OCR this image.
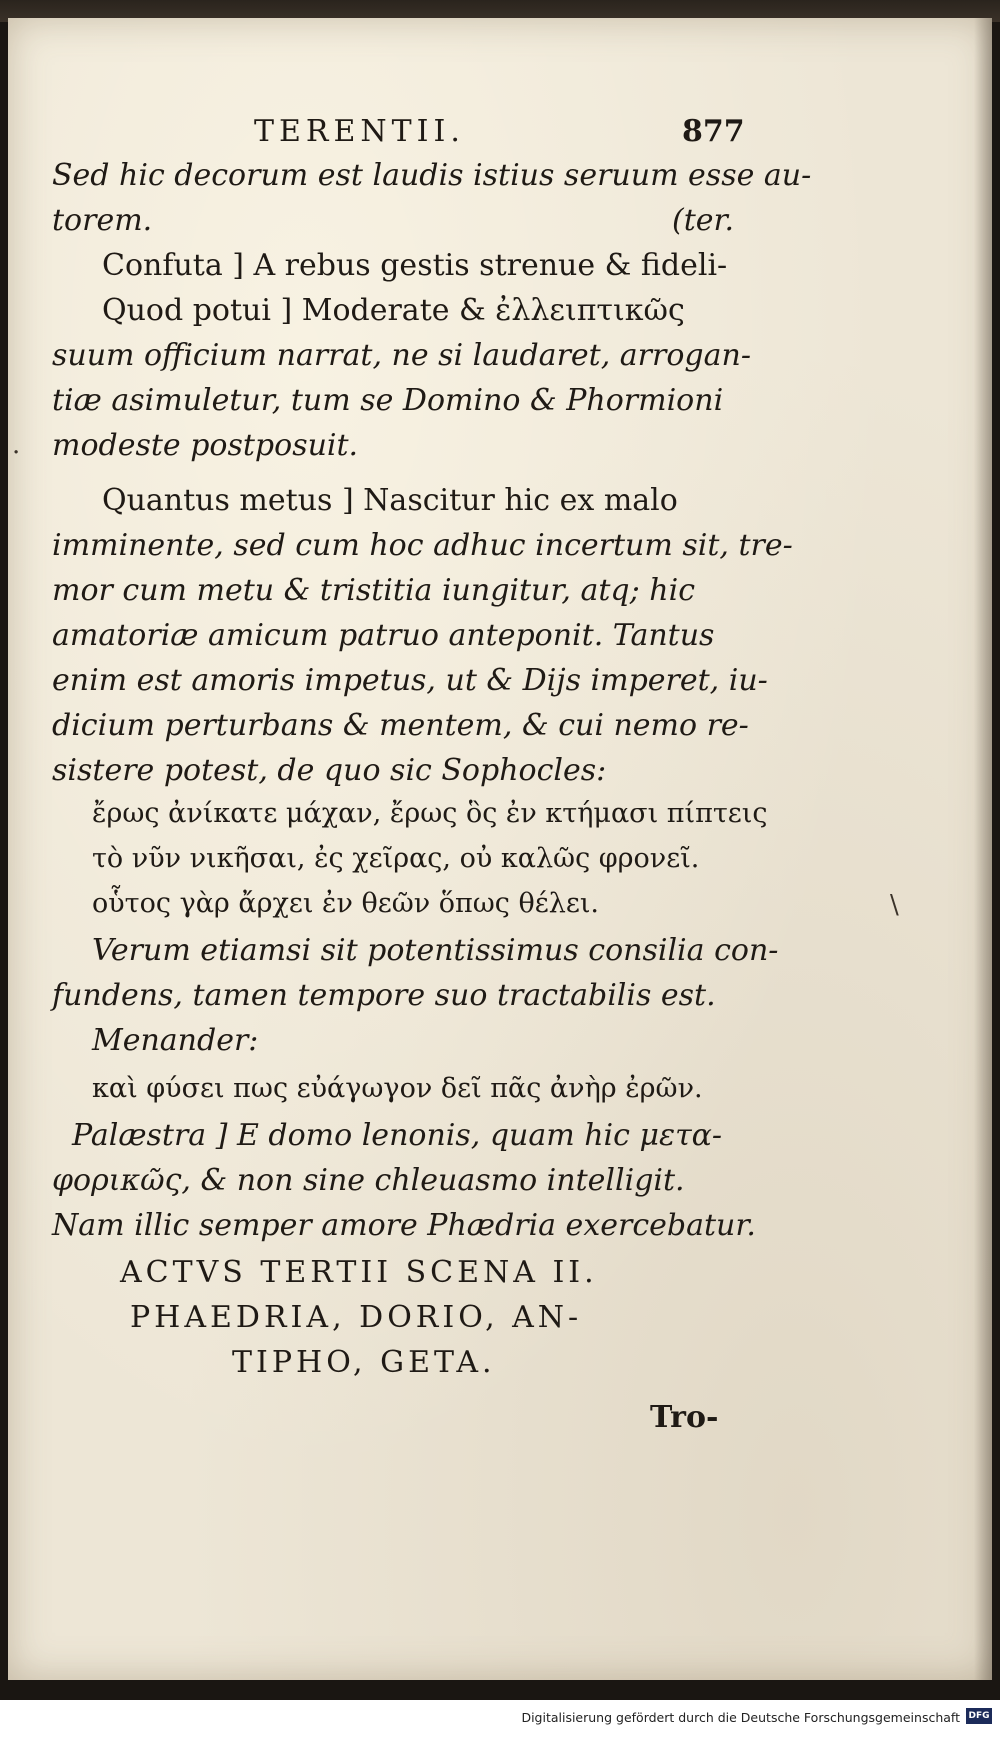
TERENTII.	877
Sed hic decorum est laudis istius seruum esse au-
torem.	(ter.
Confuta ] A rebus gestis strenue & fideli-
Quod potui ] Moderate & ἐλλειπτικῶς
suum officium narrat, ne si laudaret, arrogan-
tiæ asimuletur, tum se Domino & Phormioni
modeste postposuit.
Quantus metus ] Nascitur hic ex malo
imminente, sed cum hoc adhuc incertum sit, tre-
mor cum metu & tristitia iungitur, atq; hic
amatoriæ amicum patruo anteponit. Tantus
enim est amoris impetus, ut & Dijs imperet, iu-
dicium perturbans & mentem, & cui nemo re-
sistere potest, de quo sic Sophocles:
ἔρως ἀνίκατε μάχαν, ἔρως ὃς ἐν κτήμασι πίπτεις
τὸ νῦν νικῆσαι, ἐς χεῖρας, οὐ καλῶς φρονεῖ.
οὗτος γὰρ ἄρχει ἐν θεῶν ὅπως θέλει.
Verum etiamsi sit potentissimus consilia con-
fundens, tamen tempore suo tractabilis est.
Menander:
καὶ φύσει πως εὐάγωγον δεῖ πᾶς ἀνὴρ ἐρῶν.
Palæstra ] E domo lenonis, quam hic μετα-
φορικῶς, & non sine chleuasmo intelligit.
Nam illic semper amore Phædria exercebatur.
ACTVS TERTII SCENA II.
PHAEDRIA, DORIO, AN-
TIPHO, GETA.
Tro-
·
\
Digitalisierung gefördert durch die Deutsche Forschungsgemeinschaft DFG
